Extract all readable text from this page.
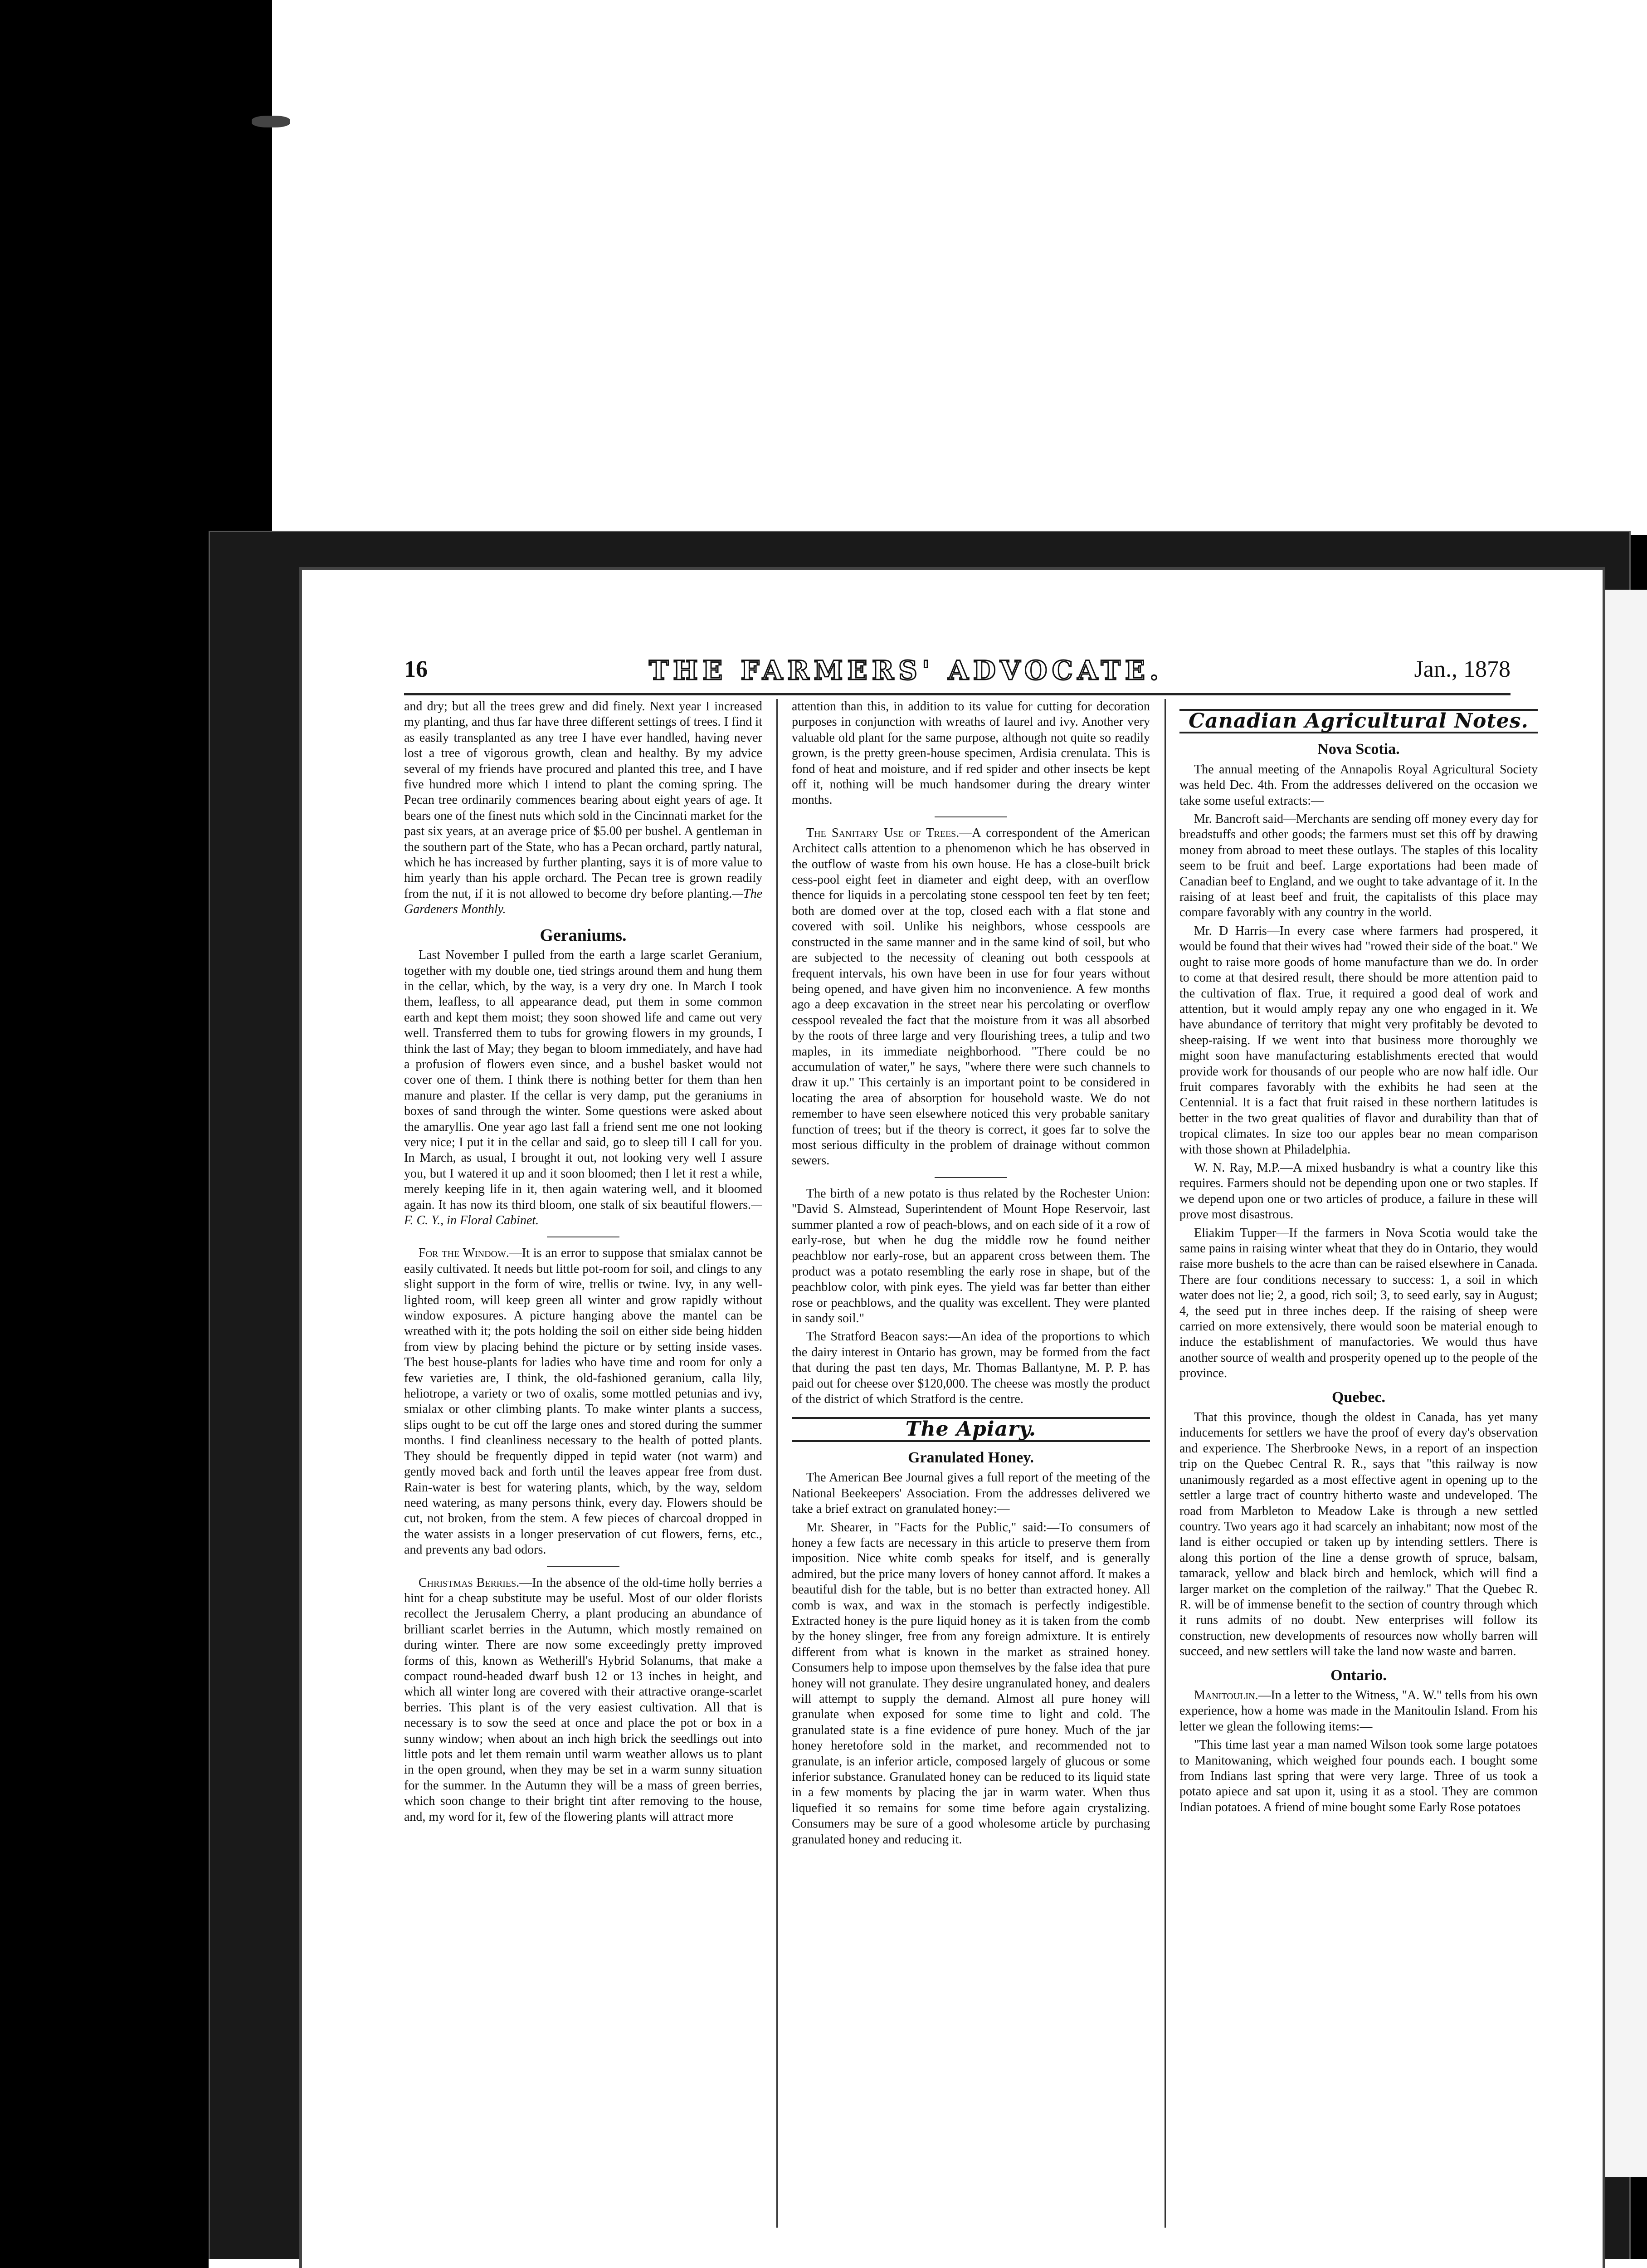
16	THE FARMERS' ADVOCATE.	Jan., 1878

and dry; but all the trees grew and did finely. Next year I increased my planting, and thus far have three different settings of trees. I find it as easily transplanted as any tree I have ever handled, having never lost a tree of vigorous growth, clean and healthy. By my advice several of my friends have procured and planted this tree, and I have five hundred more which I intend to plant the coming spring. The Pecan tree ordinarily commences bearing about eight years of age. It bears one of the finest nuts which sold in the Cincinnati market for the past six years, at an average price of $5.00 per bushel. A gentleman in the southern part of the State, who has a Pecan orchard, partly natural, which he has increased by further planting, says it is of more value to him yearly than his apple orchard. The Pecan tree is grown readily from the nut, if it is not allowed to become dry before planting.—The Gardeners Monthly.

Geraniums.

Last November I pulled from the earth a large scarlet Geranium, together with my double one, tied strings around them and hung them in the cellar, which, by the way, is a very dry one. In March I took them, leafless, to all appearance dead, put them in some common earth and kept them moist; they soon showed life and came out very well. Transferred them to tubs for growing flowers in my grounds, I think the last of May; they began to bloom immediately, and have had a profusion of flowers even since, and a bushel basket would not cover one of them. I think there is nothing better for them than hen manure and plaster. If the cellar is very damp, put the geraniums in boxes of sand through the winter. Some questions were asked about the amaryllis. One year ago last fall a friend sent me one not looking very nice; I put it in the cellar and said, go to sleep till I call for you. In March, as usual, I brought it out, not looking very well I assure you, but I watered it up and it soon bloomed; then I let it rest a while, merely keeping life in it, then again watering well, and it bloomed again. It has now its third bloom, one stalk of six beautiful flowers.—F. C. Y., in Floral Cabinet.

For the Window.—It is an error to suppose that smialax cannot be easily cultivated. It needs but little pot-room for soil, and clings to any slight support in the form of wire, trellis or twine. Ivy, in any well-lighted room, will keep green all winter and grow rapidly without window exposures. A picture hanging above the mantel can be wreathed with it; the pots holding the soil on either side being hidden from view by placing behind the picture or by setting inside vases. The best house-plants for ladies who have time and room for only a few varieties are, I think, the old-fashioned geranium, calla lily, heliotrope, a variety or two of oxalis, some mottled petunias and ivy, smialax or other climbing plants. To make winter plants a success, slips ought to be cut off the large ones and stored during the summer months. I find cleanliness necessary to the health of potted plants. They should be frequently dipped in tepid water (not warm) and gently moved back and forth until the leaves appear free from dust. Rain-water is best for watering plants, which, by the way, seldom need watering, as many persons think, every day. Flowers should be cut, not broken, from the stem. A few pieces of charcoal dropped in the water assists in a longer preservation of cut flowers, ferns, etc., and prevents any bad odors.

Christmas Berries.—In the absence of the old-time holly berries a hint for a cheap substitute may be useful. Most of our older florists recollect the Jerusalem Cherry, a plant producing an abundance of brilliant scarlet berries in the Autumn, which mostly remained on during winter. There are now some exceedingly pretty improved forms of this, known as Wetherill's Hybrid Solanums, that make a compact round-headed dwarf bush 12 or 13 inches in height, and which all winter long are covered with their attractive orange-scarlet berries. This plant is of the very easiest cultivation. All that is necessary is to sow the seed at once and place the pot or box in a sunny window; when about an inch high brick the seedlings out into little pots and let them remain until warm weather allows us to plant in the open ground, when they may be set in a warm sunny situation for the summer. In the Autumn they will be a mass of green berries, which soon change to their bright tint after removing to the house, and, my word for it, few of the flowering plants will attract more

attention than this, in addition to its value for cutting for decoration purposes in conjunction with wreaths of laurel and ivy. Another very valuable old plant for the same purpose, although not quite so readily grown, is the pretty green-house specimen, Ardisia crenulata. This is fond of heat and moisture, and if red spider and other insects be kept off it, nothing will be much handsomer during the dreary winter months.

The Sanitary Use of Trees.—A correspondent of the American Architect calls attention to a phenomenon which he has observed in the outflow of waste from his own house. He has a close-built brick cess-pool eight feet in diameter and eight deep, with an overflow thence for liquids in a percolating stone cesspool ten feet by ten feet; both are domed over at the top, closed each with a flat stone and covered with soil. Unlike his neighbors, whose cesspools are constructed in the same manner and in the same kind of soil, but who are subjected to the necessity of cleaning out both cesspools at frequent intervals, his own have been in use for four years without being opened, and have given him no inconvenience. A few months ago a deep excavation in the street near his percolating or overflow cesspool revealed the fact that the moisture from it was all absorbed by the roots of three large and very flourishing trees, a tulip and two maples, in its immediate neighborhood. "There could be no accumulation of water," he says, "where there were such channels to draw it up." This certainly is an important point to be considered in locating the area of absorption for household waste. We do not remember to have seen elsewhere noticed this very probable sanitary function of trees; but if the theory is correct, it goes far to solve the most serious difficulty in the problem of drainage without common sewers.

The birth of a new potato is thus related by the Rochester Union: "David S. Almstead, Superintendent of Mount Hope Reservoir, last summer planted a row of peach-blows, and on each side of it a row of early-rose, but when he dug the middle row he found neither peachblow nor early-rose, but an apparent cross between them. The product was a potato resembling the early rose in shape, but of the peachblow color, with pink eyes. The yield was far better than either rose or peachblows, and the quality was excellent. They were planted in sandy soil."

The Stratford Beacon says:—An idea of the proportions to which the dairy interest in Ontario has grown, may be formed from the fact that during the past ten days, Mr. Thomas Ballantyne, M. P. P. has paid out for cheese over $120,000. The cheese was mostly the product of the district of which Stratford is the centre.

The Apiary.
Granulated Honey.

The American Bee Journal gives a full report of the meeting of the National Beekeepers' Association. From the addresses delivered we take a brief extract on granulated honey:—

Mr. Shearer, in "Facts for the Public," said:—To consumers of honey a few facts are necessary in this article to preserve them from imposition. Nice white comb speaks for itself, and is generally admired, but the price many lovers of honey cannot afford. It makes a beautiful dish for the table, but is no better than extracted honey. All comb is wax, and wax in the stomach is perfectly indigestible. Extracted honey is the pure liquid honey as it is taken from the comb by the honey slinger, free from any foreign admixture. It is entirely different from what is known in the market as strained honey. Consumers help to impose upon themselves by the false idea that pure honey will not granulate. They desire ungranulated honey, and dealers will attempt to supply the demand. Almost all pure honey will granulate when exposed for some time to light and cold. The granulated state is a fine evidence of pure honey. Much of the jar honey heretofore sold in the market, and recommended not to granulate, is an inferior article, composed largely of glucous or some inferior substance. Granulated honey can be reduced to its liquid state in a few moments by placing the jar in warm water. When thus liquefied it so remains for some time before again crystalizing. Consumers may be sure of a good wholesome article by purchasing granulated honey and reducing it.

Canadian Agricultural Notes.
Nova Scotia.

The annual meeting of the Annapolis Royal Agricultural Society was held Dec. 4th. From the addresses delivered on the occasion we take some useful extracts:—

Mr. Bancroft said—Merchants are sending off money every day for breadstuffs and other goods; the farmers must set this off by drawing money from abroad to meet these outlays. The staples of this locality seem to be fruit and beef. Large exportations had been made of Canadian beef to England, and we ought to take advantage of it. In the raising of at least beef and fruit, the capitalists of this place may compare favorably with any country in the world.

Mr. D Harris—In every case where farmers had prospered, it would be found that their wives had "rowed their side of the boat." We ought to raise more goods of home manufacture than we do. In order to come at that desired result, there should be more attention paid to the cultivation of flax. True, it required a good deal of work and attention, but it would amply repay any one who engaged in it. We have abundance of territory that might very profitably be devoted to sheep-raising. If we went into that business more thoroughly we might soon have manufacturing establishments erected that would provide work for thousands of our people who are now half idle. Our fruit compares favorably with the exhibits he had seen at the Centennial. It is a fact that fruit raised in these northern latitudes is better in the two great qualities of flavor and durability than that of tropical climates. In size too our apples bear no mean comparison with those shown at Philadelphia.

W. N. Ray, M.P.—A mixed husbandry is what a country like this requires. Farmers should not be depending upon one or two staples. If we depend upon one or two articles of produce, a failure in these will prove most disastrous.

Eliakim Tupper—If the farmers in Nova Scotia would take the same pains in raising winter wheat that they do in Ontario, they would raise more bushels to the acre than can be raised elsewhere in Canada. There are four conditions necessary to success: 1, a soil in which water does not lie; 2, a good, rich soil; 3, to seed early, say in August; 4, the seed put in three inches deep. If the raising of sheep were carried on more extensively, there would soon be material enough to induce the establishment of manufactories. We would thus have another source of wealth and prosperity opened up to the people of the province.

Quebec.

That this province, though the oldest in Canada, has yet many inducements for settlers we have the proof of every day's observation and experience. The Sherbrooke News, in a report of an inspection trip on the Quebec Central R. R., says that "this railway is now unanimously regarded as a most effective agent in opening up to the settler a large tract of country hitherto waste and undeveloped. The road from Marbleton to Meadow Lake is through a new settled country. Two years ago it had scarcely an inhabitant; now most of the land is either occupied or taken up by intending settlers. There is along this portion of the line a dense growth of spruce, balsam, tamarack, yellow and black birch and hemlock, which will find a larger market on the completion of the railway." That the Quebec R. R. will be of immense benefit to the section of country through which it runs admits of no doubt. New enterprises will follow its construction, new developments of resources now wholly barren will succeed, and new settlers will take the land now waste and barren.

Ontario.

Manitoulin.—In a letter to the Witness, "A. W." tells from his own experience, how a home was made in the Manitoulin Island. From his letter we glean the following items:—

"This time last year a man named Wilson took some large potatoes to Manitowaning, which weighed four pounds each. I bought some from Indians last spring that were very large. Three of us took a potato apiece and sat upon it, using it as a stool. They are common Indian potatoes. A friend of mine bought some Early Rose potatoes
